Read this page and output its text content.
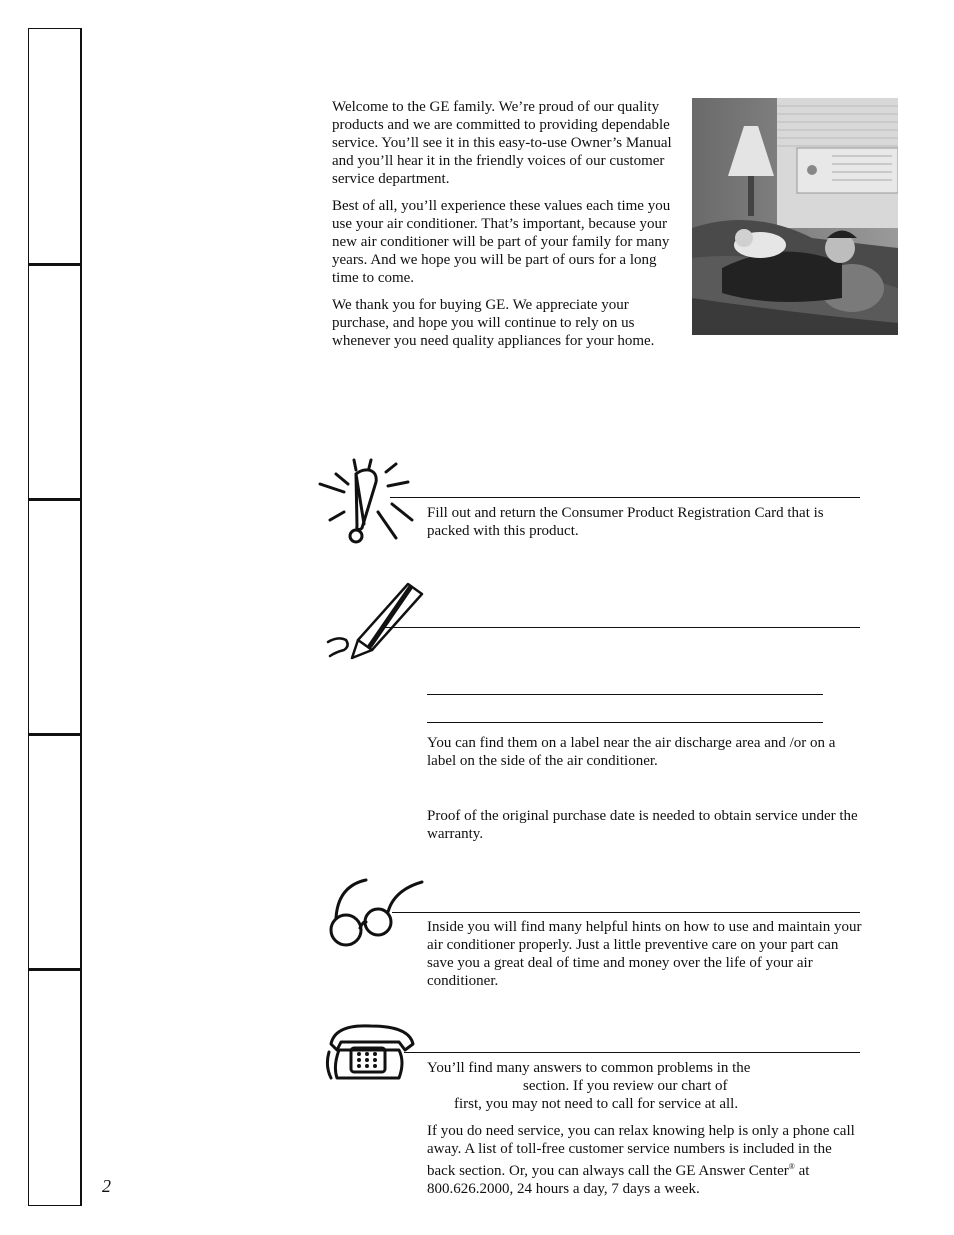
2

Welcome to the GE family. We’re proud of our quality products and we are committed to providing dependable service. You’ll see it in this easy-to-use Owner’s Manual and you’ll hear it in the friendly voices of our customer service department.

Best of all, you’ll experience these values each time you use your air conditioner. That’s important, because your new air conditioner will be part of your family for many years. And we hope you will be part of ours for a long time to come.

We thank you for buying GE. We appreciate your purchase, and hope you will continue to rely on us whenever you need quality appliances for your home.

Fill out and return the Consumer Product Registration Card that is packed with this product.

You can find them on a label near the air discharge area and /or on a label on the side of the air conditioner.

Proof of the original purchase date is needed to obtain service under the warranty.

Inside you will find many helpful hints on how to use and maintain your air conditioner properly. Just a little preventive care on your part can save you a great deal of time and money over the life of your air conditioner.

You’ll find many answers to common problems in the

section. If you review our chart of

first, you may not need to call for service at all.

If you do need service, you can relax knowing help is only a phone call away. A list of toll-free customer service numbers is included in the back section. Or, you can always call the GE Answer Center® at 800.626.2000, 24 hours a day, 7 days a week.
